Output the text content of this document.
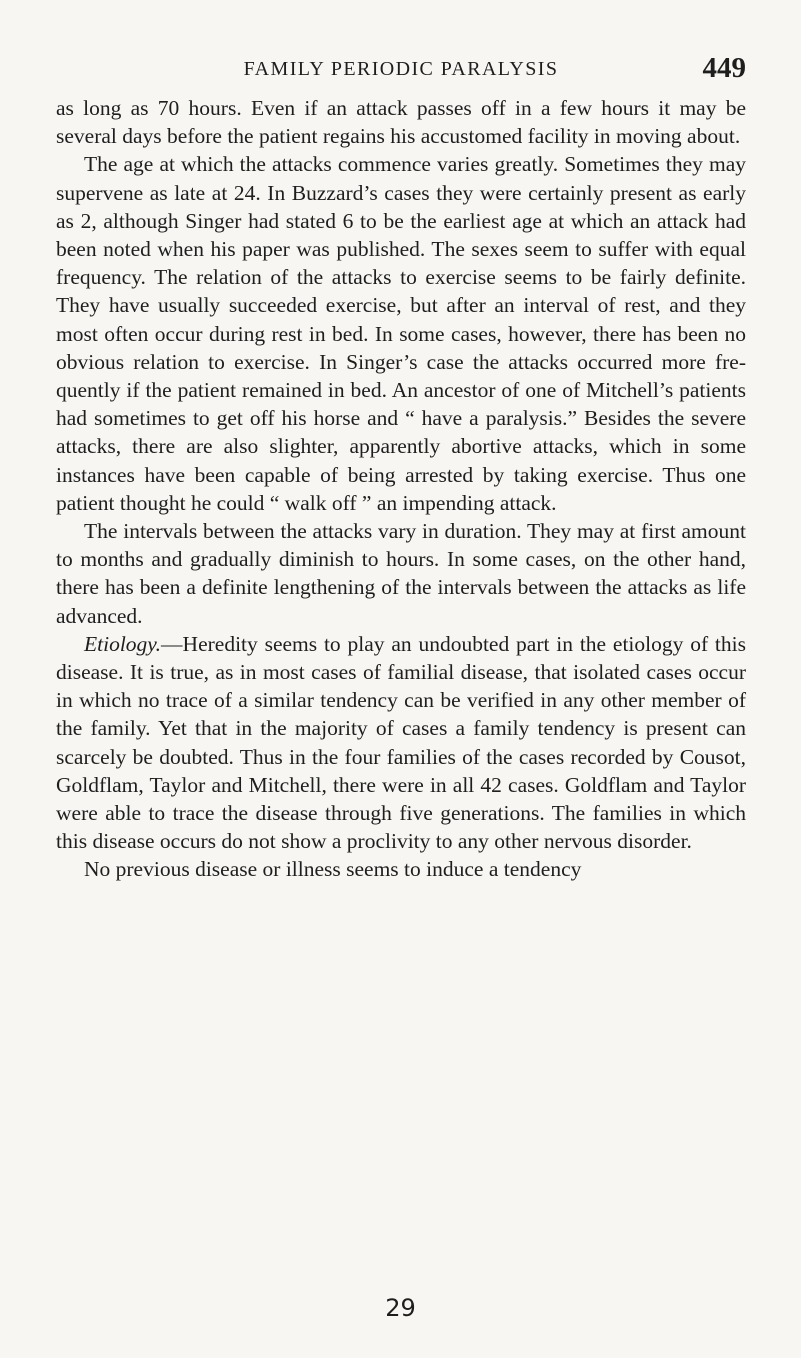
FAMILY PERIODIC PARALYSIS	449

as long as 70 hours. Even if an attack passes off in a few hours it may be several days before the patient regains his accustomed facility in moving about.

The age at which the attacks commence varies greatly. Sometimes they may supervene as late at 24. In Buzzard’s cases they were certainly present as early as 2, although Singer had stated 6 to be the earliest age at which an attack had been noted when his paper was published. The sexes seem to suffer with equal frequency. The relation of the attacks to exercise seems to be fairly definite. They have usually succeeded exercise, but after an interval of rest, and they most often occur during rest in bed. In some cases, however, there has been no obvious relation to exercise. In Singer’s case the attacks occurred more fre- quently if the patient remained in bed. An ancestor of one of Mitchell’s patients had sometimes to get off his horse and “ have a paralysis.” Besides the severe attacks, there are also slighter, apparently abortive attacks, which in some instances have been capable of being arrested by taking exercise. Thus one patient thought he could “ walk off ” an impending attack.

The intervals between the attacks vary in duration. They may at first amount to months and gradually diminish to hours. In some cases, on the other hand, there has been a definite lengthening of the intervals between the attacks as life advanced.

Etiology.—Heredity seems to play an undoubted part in the etiology of this disease. It is true, as in most cases of familial disease, that isolated cases occur in which no trace of a similar tendency can be verified in any other member of the family. Yet that in the majority of cases a family tendency is present can scarcely be doubted. Thus in the four families of the cases recorded by Cousot, Goldflam, Taylor and Mitchell, there were in all 42 cases. Goldflam and Taylor were able to trace the disease through five generations. The families in which this disease occurs do not show a proclivity to any other nervous disorder.

No previous disease or illness seems to induce a tendency

29
